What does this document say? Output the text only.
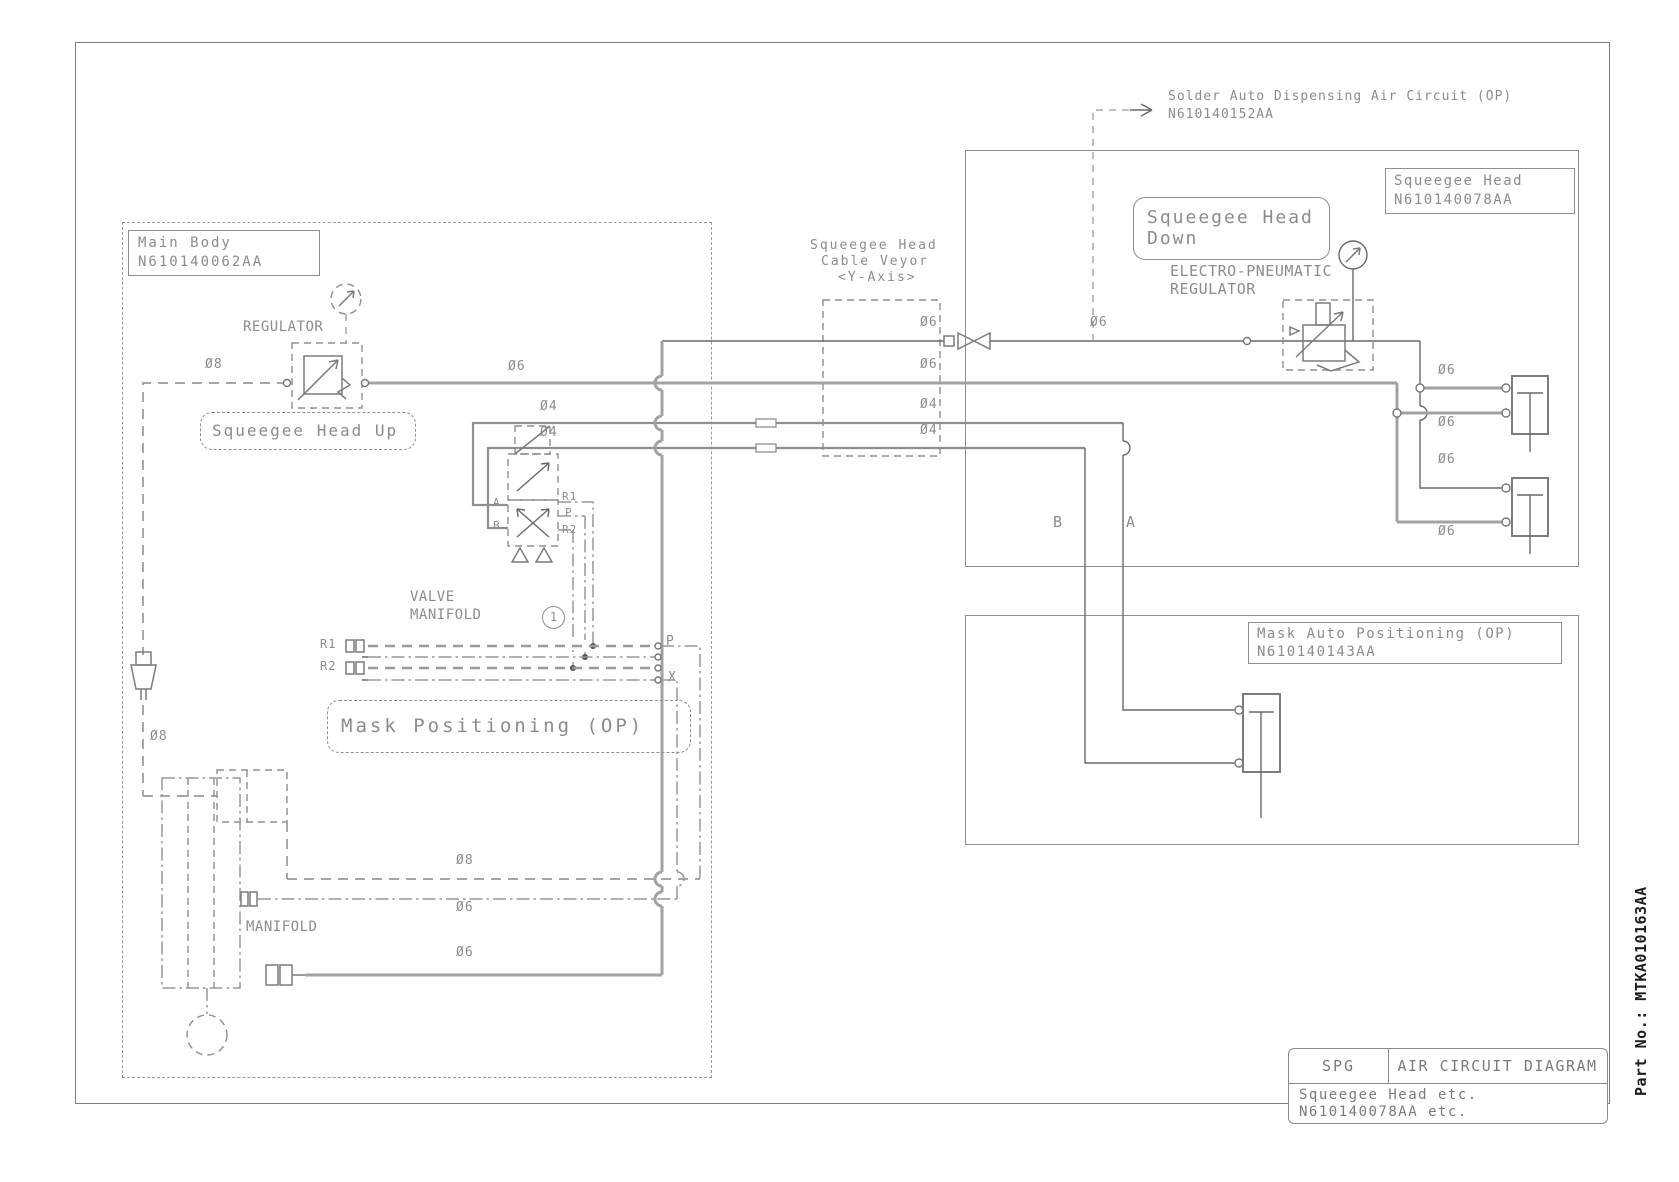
Solder Auto Dispensing Air Circuit (OP)
N610140152AA
Main Body
N610140062AA
REGULATOR
Squeegee Head Up
A
B
R1
P
R2
VALVE
MANIFOLD	1
R1
R2
P
X
Mask Positioning (OP)
MANIFOLD
Squeegee Head
Cable Veyor
<Y-Axis>
Squeegee Head
N610140078AA
Squeegee Head
Down
ELECTRO-PNEUMATIC
REGULATOR
B	A
Mask Auto Positioning (OP)
N610140143AA
Ø8	Ø6
Ø4
Ø4
Ø6
Ø6
Ø4
Ø4
Ø6
Ø6
Ø6
Ø6
Ø6
Ø8
Ø8
Ø6
Ø6
SPG	AIR CIRCUIT DIAGRAM
Squeegee Head etc.
N610140078AA etc.
Part No.: MTKA010163AA
